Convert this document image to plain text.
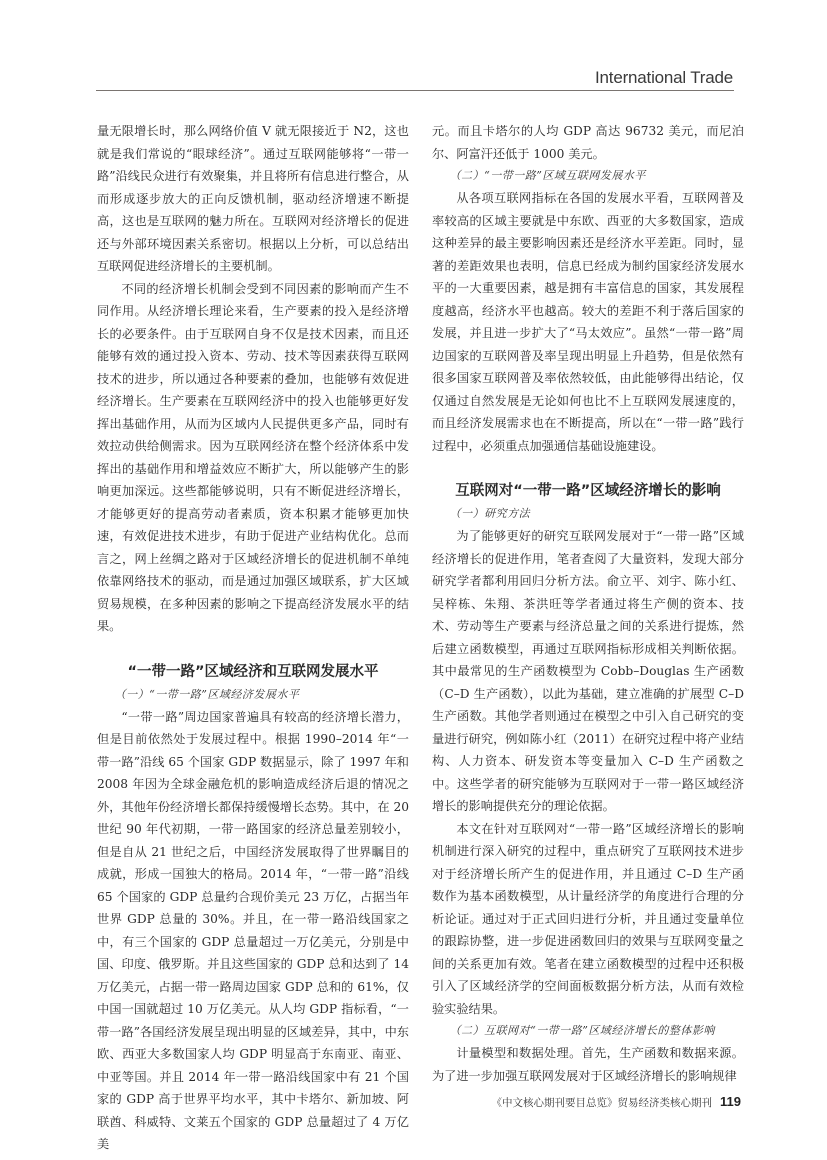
International Trade

量无限增长时，那么网络价值 V 就无限接近于 N2，这也就是我们常说的“眼球经济”。通过互联网能够将“一带一路”沿线民众进行有效聚集，并且将所有信息进行整合，从而形成逐步放大的正向反馈机制，驱动经济增速不断提高，这也是互联网的魅力所在。互联网对经济增长的促进还与外部环境因素关系密切。根据以上分析，可以总结出互联网促进经济增长的主要机制。

不同的经济增长机制会受到不同因素的影响而产生不同作用。从经济增长理论来看，生产要素的投入是经济增长的必要条件。由于互联网自身不仅是技术因素，而且还能够有效的通过投入资本、劳动、技术等因素获得互联网技术的进步，所以通过各种要素的叠加，也能够有效促进经济增长。生产要素在互联网经济中的投入也能够更好发挥出基础作用，从而为区域内人民提供更多产品，同时有效拉动供给侧需求。因为互联网经济在整个经济体系中发挥出的基础作用和增益效应不断扩大，所以能够产生的影响更加深远。这些都能够说明，只有不断促进经济增长，才能够更好的提高劳动者素质，资本积累才能够更加快速，有效促进技术进步，有助于促进产业结构优化。总而言之，网上丝绸之路对于区域经济增长的促进机制不单纯依靠网络技术的驱动，而是通过加强区域联系，扩大区域贸易规模，在多种因素的影响之下提高经济发展水平的结果。

“一带一路”区域经济和互联网发展水平

（一）“一带一路”区域经济发展水平

“一带一路”周边国家普遍具有较高的经济增长潜力，但是目前依然处于发展过程中。根据 1990–2014 年“一带一路”沿线 65 个国家 GDP 数据显示，除了 1997 年和 2008 年因为全球金融危机的影响造成经济后退的情况之外，其他年份经济增长都保持缓慢增长态势。其中，在 20 世纪 90 年代初期，一带一路国家的经济总量差别较小，但是自从 21 世纪之后，中国经济发展取得了世界瞩目的成就，形成一国独大的格局。2014 年，“一带一路”沿线 65 个国家的 GDP 总量约合现价美元 23 万亿，占据当年世界 GDP 总量的 30%。并且，在一带一路沿线国家之中，有三个国家的 GDP 总量超过一万亿美元，分别是中国、印度、俄罗斯。并且这些国家的 GDP 总和达到了 14 万亿美元，占据一带一路周边国家 GDP 总和的 61%，仅中国一国就超过 10 万亿美元。从人均 GDP 指标看，“一带一路”各国经济发展呈现出明显的区域差异，其中，中东欧、西亚大多数国家人均 GDP 明显高于东南亚、南亚、中亚等国。并且 2014 年一带一路沿线国家中有 21 个国家的 GDP 高于世界平均水平，其中卡塔尔、新加坡、阿联酋、科威特、文莱五个国家的 GDP 总量超过了 4 万亿美

元。而且卡塔尔的人均 GDP 高达 96732 美元，而尼泊尔、阿富汗还低于 1000 美元。

（二）“一带一路”区域互联网发展水平

从各项互联网指标在各国的发展水平看，互联网普及率较高的区域主要就是中东欧、西亚的大多数国家，造成这种差异的最主要影响因素还是经济水平差距。同时，显著的差距效果也表明，信息已经成为制约国家经济发展水平的一大重要因素，越是拥有丰富信息的国家，其发展程度越高，经济水平也越高。较大的差距不利于落后国家的发展，并且进一步扩大了“马太效应”。虽然“一带一路”周边国家的互联网普及率呈现出明显上升趋势，但是依然有很多国家互联网普及率依然较低，由此能够得出结论，仅仅通过自然发展是无论如何也比不上互联网发展速度的，而且经济发展需求也在不断提高，所以在“一带一路”践行过程中，必须重点加强通信基础设施建设。

互联网对“一带一路”区域经济增长的影响

（一）研究方法

为了能够更好的研究互联网发展对于“一带一路”区域经济增长的促进作用，笔者查阅了大量资料，发现大部分研究学者都利用回归分析方法。俞立平、刘宇、陈小红、吴梓栋、朱翔、茶洪旺等学者通过将生产侧的资本、技术、劳动等生产要素与经济总量之间的关系进行提炼，然后建立函数模型，再通过互联网指标形成相关判断依据。其中最常见的生产函数模型为 Cobb–Douglas 生产函数（C–D 生产函数），以此为基础，建立准确的扩展型 C–D 生产函数。其他学者则通过在模型之中引入自己研究的变量进行研究，例如陈小红（2011）在研究过程中将产业结构、人力资本、研发资本等变量加入 C–D 生产函数之中。这些学者的研究能够为互联网对于一带一路区域经济增长的影响提供充分的理论依据。

本文在针对互联网对“一带一路”区域经济增长的影响机制进行深入研究的过程中，重点研究了互联网技术进步对于经济增长所产生的促进作用，并且通过 C–D 生产函数作为基本函数模型，从计量经济学的角度进行合理的分析论证。通过对于正式回归进行分析，并且通过变量单位的跟踪协整，进一步促进函数回归的效果与互联网变量之间的关系更加有效。笔者在建立函数模型的过程中还积极引入了区域经济学的空间面板数据分析方法，从而有效检验实验结果。

（二）互联网对“一带一路”区域经济增长的整体影响

计量模型和数据处理。首先，生产函数和数据来源。为了进一步加强互联网发展对于区域经济增长的影响规律

《中文核心期刊要目总览》贸易经济类核心期刊 119
